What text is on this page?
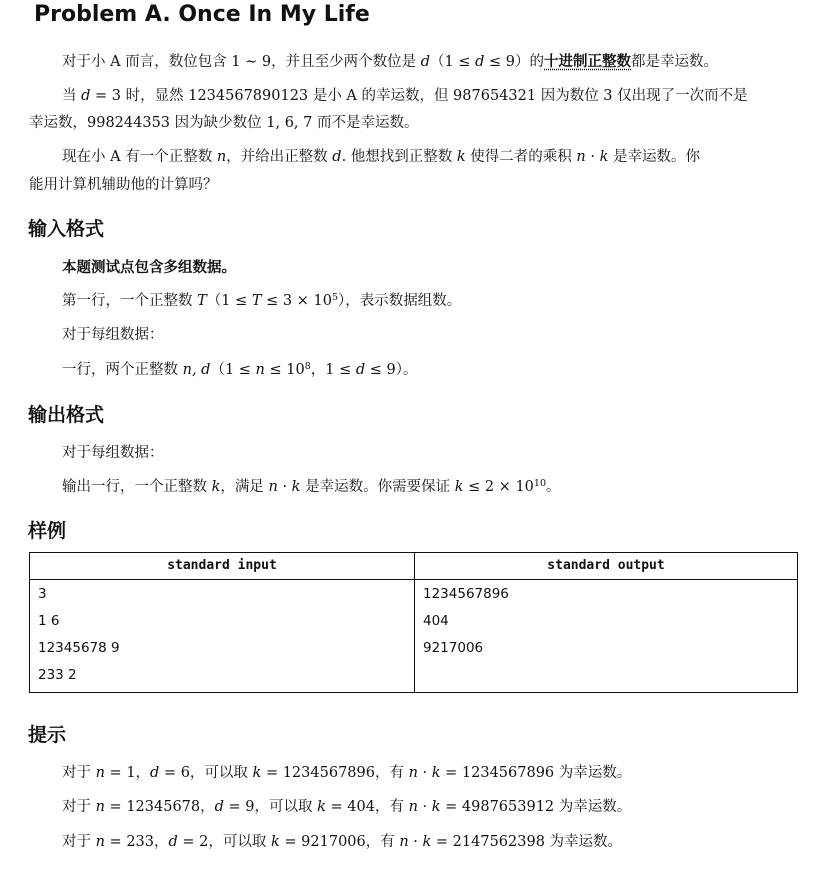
Problem A. Once In My Life
对于小 A 而言，数位包含 1 ∼ 9，并且至少两个数位是 d（1 ≤ d ≤ 9）的十进制正整数都是幸运数。
当 d = 3 时，显然 1234567890123 是小 A 的幸运数，但 987654321 因为数位 3 仅出现了一次而不是
幸运数，998244353 因为缺少数位 1, 6, 7 而不是幸运数。
现在小 A 有一个正整数 n，并给出正整数 d. 他想找到正整数 k 使得二者的乘积 n · k 是幸运数。你
能用计算机辅助他的计算吗？
输入格式
本题测试点包含多组数据。
第一行，一个正整数 $T(1 \le T \le 3 \times 10^5)$，表示数据组数。
对于每组数据：
一行，两个正整数 n, $d(1 \le n \le 10^8$，1 ≤ d ≤ 9）。
输出格式
对于每组数据：
输出一行，一个正整数 k，满足 n · k 是幸运数。你需要保证 $k \le 2 \times 10^{10}$。
样例
standard input	standard output
3
1 6
12345678 9
233 2
1234567896
404
9217006
提示
对于 n = 1，d = 6，可以取 k = 1234567896，有 n · k = 1234567896 为幸运数。
对于 n = 12345678，d = 9，可以取 k = 404，有 n · k = 4987653912 为幸运数。
对于 n = 233，d = 2，可以取 k = 9217006，有 n · k = 2147562398 为幸运数。
